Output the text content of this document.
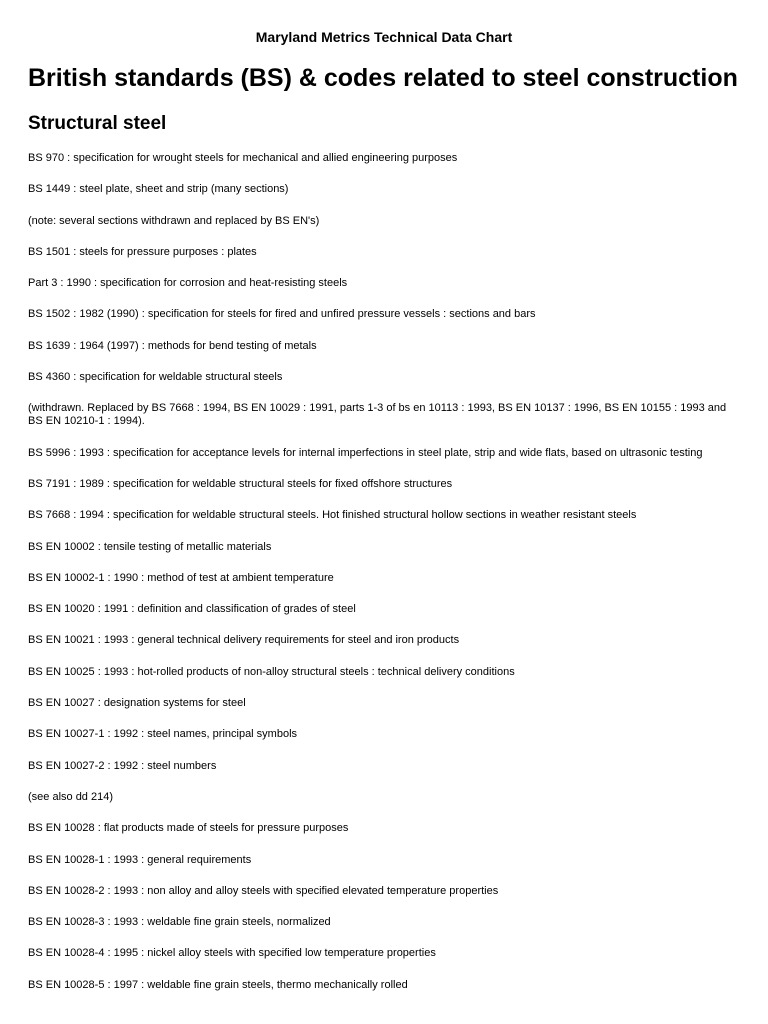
Maryland Metrics Technical Data Chart
British standards (BS) & codes related to steel construction
Structural steel
BS 970 : specification for wrought steels for mechanical and allied engineering purposes
BS 1449 : steel plate, sheet and strip (many sections)
(note: several sections withdrawn and replaced by BS EN's)
BS 1501 : steels for pressure purposes : plates
Part 3 : 1990 : specification for corrosion and heat-resisting steels
BS 1502 : 1982 (1990) : specification for steels for fired and unfired pressure vessels : sections and bars
BS 1639 : 1964 (1997) : methods for bend testing of metals
BS 4360 : specification for weldable structural steels
(withdrawn. Replaced by BS 7668 : 1994, BS EN 10029 : 1991, parts 1-3 of bs en 10113 : 1993, BS EN 10137 : 1996, BS EN 10155 : 1993 and BS EN 10210-1 : 1994).
BS 5996 : 1993 : specification for acceptance levels for internal imperfections in steel plate, strip and wide flats, based on ultrasonic testing
BS 7191 : 1989 : specification for weldable structural steels for fixed offshore structures
BS 7668 : 1994 : specification for weldable structural steels. Hot finished structural hollow sections in weather resistant steels
BS EN 10002 : tensile testing of metallic materials
BS EN 10002-1 : 1990 : method of test at ambient temperature
BS EN 10020 : 1991 : definition and classification of grades of steel
BS EN 10021 : 1993 : general technical delivery requirements for steel and iron products
BS EN 10025 : 1993 : hot-rolled products of non-alloy structural steels : technical delivery conditions
BS EN 10027 : designation systems for steel
BS EN 10027-1 : 1992 : steel names, principal symbols
BS EN 10027-2 : 1992 : steel numbers
(see also dd 214)
BS EN 10028 : flat products made of steels for pressure purposes
BS EN 10028-1 : 1993 : general requirements
BS EN 10028-2 : 1993 : non alloy and alloy steels with specified elevated temperature properties
BS EN 10028-3 : 1993 : weldable fine grain steels, normalized
BS EN 10028-4 : 1995 : nickel alloy steels with specified low temperature properties
BS EN 10028-5 : 1997 : weldable fine grain steels, thermo mechanically rolled
